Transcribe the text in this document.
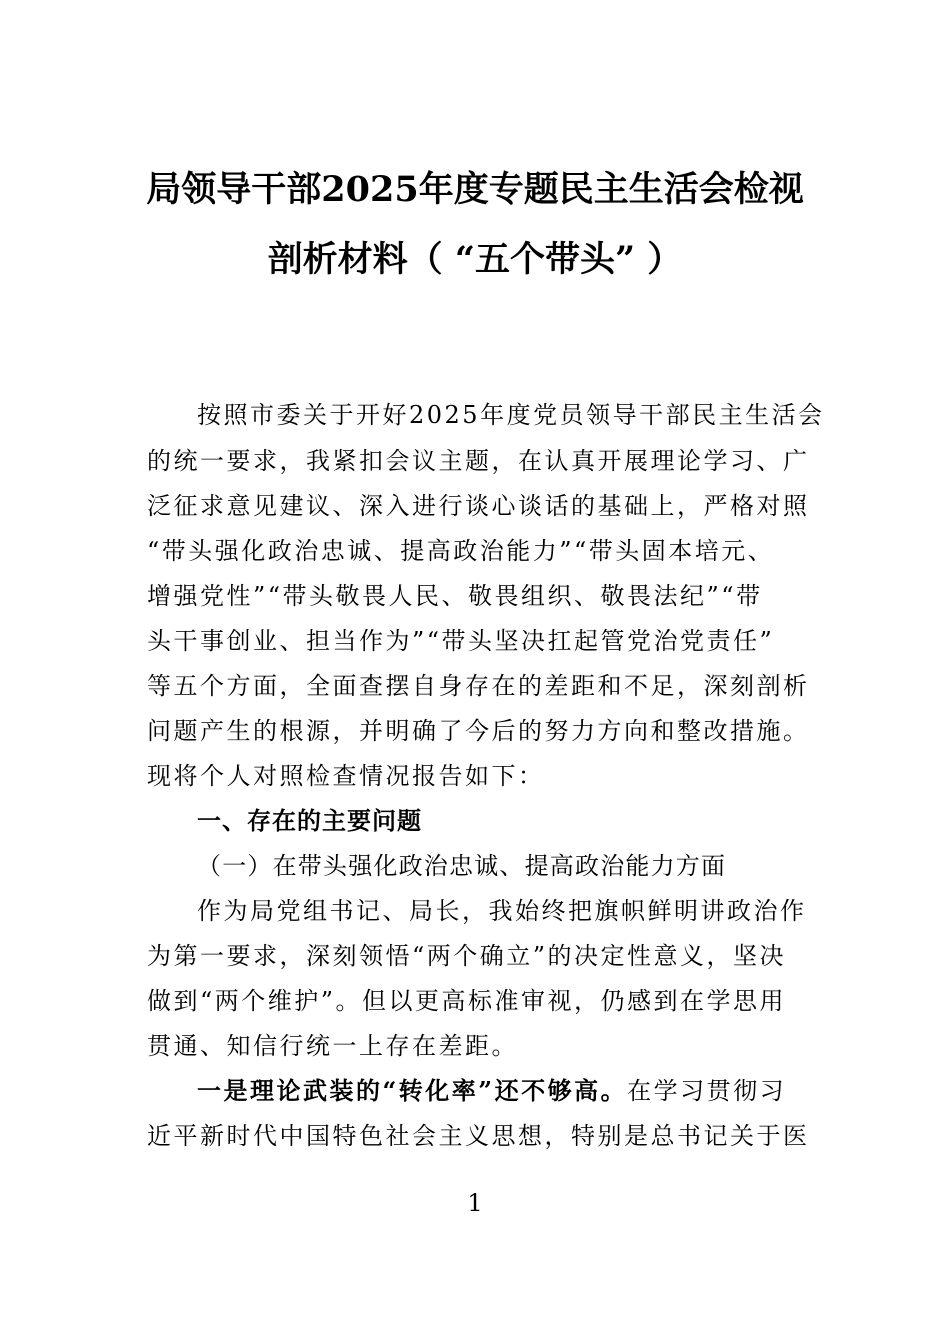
局领导干部2025年度专题民主生活会检视
剖析材料（ “五个带头” ）
按照市委关于开好2025年度党员领导干部民主生活会
的统一要求，我紧扣会议主题，在认真开展理论学习、广
泛征求意见建议、深入进行谈心谈话的基础上，严格对照
“带头强化政治忠诚、提高政治能力”“带头固本培元、
增强党性”“带头敬畏人民、敬畏组织、敬畏法纪”“带
头干事创业、担当作为”“带头坚决扛起管党治党责任”
等五个方面，全面查摆自身存在的差距和不足，深刻剖析
问题产生的根源，并明确了今后的努力方向和整改措施。
现将个人对照检查情况报告如下：
一、存在的主要问题
（一）在带头强化政治忠诚、提高政治能力方面
作为局党组书记、局长，我始终把旗帜鲜明讲政治作
为第一要求，深刻领悟“两个确立”的决定性意义，坚决
做到“两个维护”。但以更高标准审视，仍感到在学思用
贯通、知信行统一上存在差距。
一是理论武装的“转化率”还不够高。在学习贯彻习
近平新时代中国特色社会主义思想，特别是总书记关于医
1
